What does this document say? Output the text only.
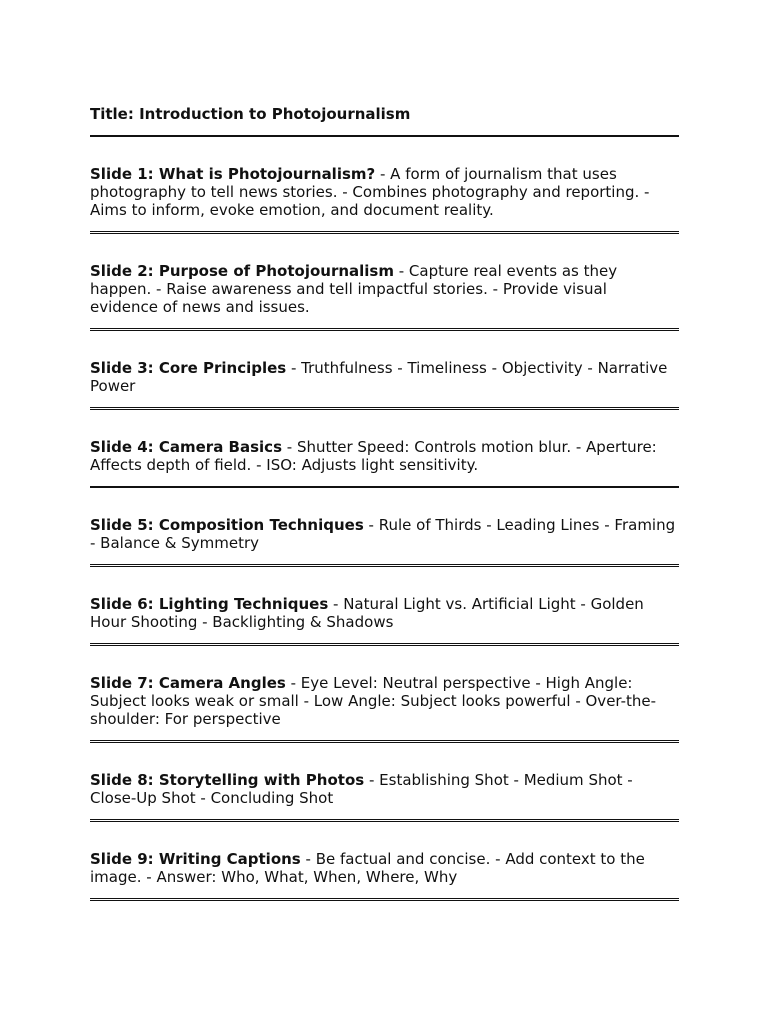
Title: Introduction to Photojournalism

Slide 1: What is Photojournalism? - A form of journalism that uses photography to tell news stories. - Combines photography and reporting. - Aims to inform, evoke emotion, and document reality.

Slide 2: Purpose of Photojournalism - Capture real events as they happen. - Raise awareness and tell impactful stories. - Provide visual evidence of news and issues.

Slide 3: Core Principles - Truthfulness - Timeliness - Objectivity - Narrative Power

Slide 4: Camera Basics - Shutter Speed: Controls motion blur. - Aperture: Affects depth of field. - ISO: Adjusts light sensitivity.

Slide 5: Composition Techniques - Rule of Thirds - Leading Lines - Framing - Balance & Symmetry

Slide 6: Lighting Techniques - Natural Light vs. Artificial Light - Golden Hour Shooting - Backlighting & Shadows

Slide 7: Camera Angles - Eye Level: Neutral perspective - High Angle: Subject looks weak or small - Low Angle: Subject looks powerful - Over-the-shoulder: For perspective

Slide 8: Storytelling with Photos - Establishing Shot - Medium Shot - Close-Up Shot - Concluding Shot

Slide 9: Writing Captions - Be factual and concise. - Add context to the image. - Answer: Who, What, When, Where, Why
